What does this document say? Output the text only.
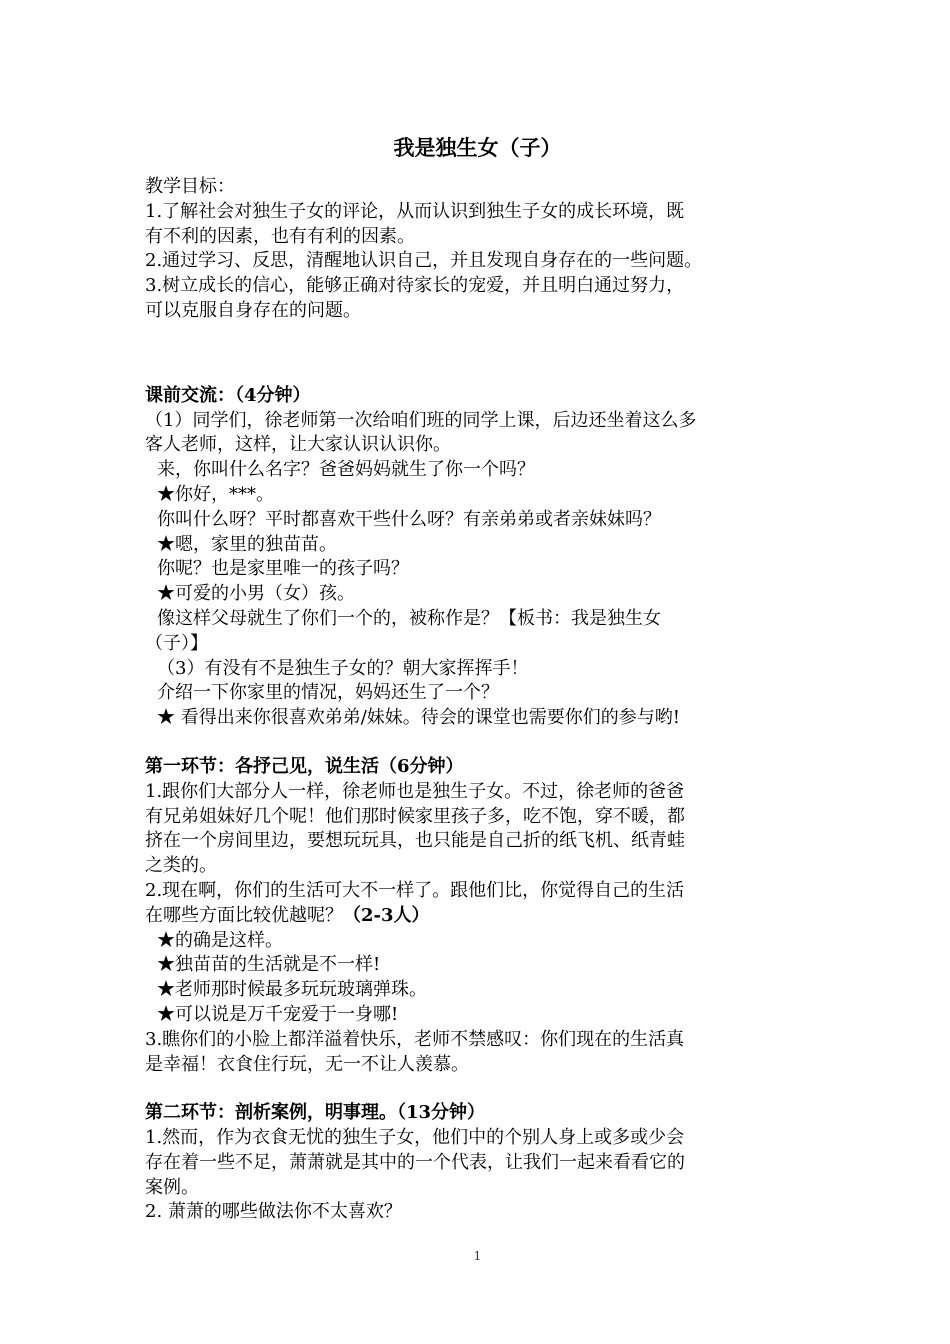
我是独生女（子）
教学目标：
1.了解社会对独生子女的评论，从而认识到独生子女的成长环境，既
有不利的因素，也有有利的因素。
2.通过学习、反思，清醒地认识自己，并且发现自身存在的一些问题。
3.树立成长的信心，能够正确对待家长的宠爱，并且明白通过努力，
可以克服自身存在的问题。
课前交流：（4分钟）
（1）同学们，徐老师第一次给咱们班的同学上课，后边还坐着这么多
客人老师，这样，让大家认识认识你。
来，你叫什么名字？爸爸妈妈就生了你一个吗？
★你好，***。
你叫什么呀？平时都喜欢干些什么呀？有亲弟弟或者亲妹妹吗？
★嗯，家里的独苗苗。
你呢？也是家里唯一的孩子吗？
★可爱的小男（女）孩。
像这样父母就生了你们一个的，被称作是？【板书：我是独生女
（子）】
（3）有没有不是独生子女的？朝大家挥挥手！
介绍一下你家里的情况，妈妈还生了一个？
★ 看得出来你很喜欢弟弟/妹妹。待会的课堂也需要你们的参与哟!
第一环节：各抒己见，说生活（6分钟）
1.跟你们大部分人一样，徐老师也是独生子女。不过，徐老师的爸爸
有兄弟姐妹好几个呢！他们那时候家里孩子多，吃不饱，穿不暖，都
挤在一个房间里边，要想玩玩具，也只能是自己折的纸飞机、纸青蛙
之类的。
2.现在啊，你们的生活可大不一样了。跟他们比，你觉得自己的生活
在哪些方面比较优越呢？（2-3人）
★的确是这样。
★独苗苗的生活就是不一样!
★老师那时候最多玩玩玻璃弹珠。
★可以说是万千宠爱于一身哪!
3.瞧你们的小脸上都洋溢着快乐，老师不禁感叹：你们现在的生活真
是幸福！衣食住行玩，无一不让人羡慕。
第二环节：剖析案例，明事理。（13分钟）
1.然而，作为衣食无忧的独生子女，他们中的个别人身上或多或少会
存在着一些不足，萧萧就是其中的一个代表，让我们一起来看看它的
案例。
2. 萧萧的哪些做法你不太喜欢？
1
